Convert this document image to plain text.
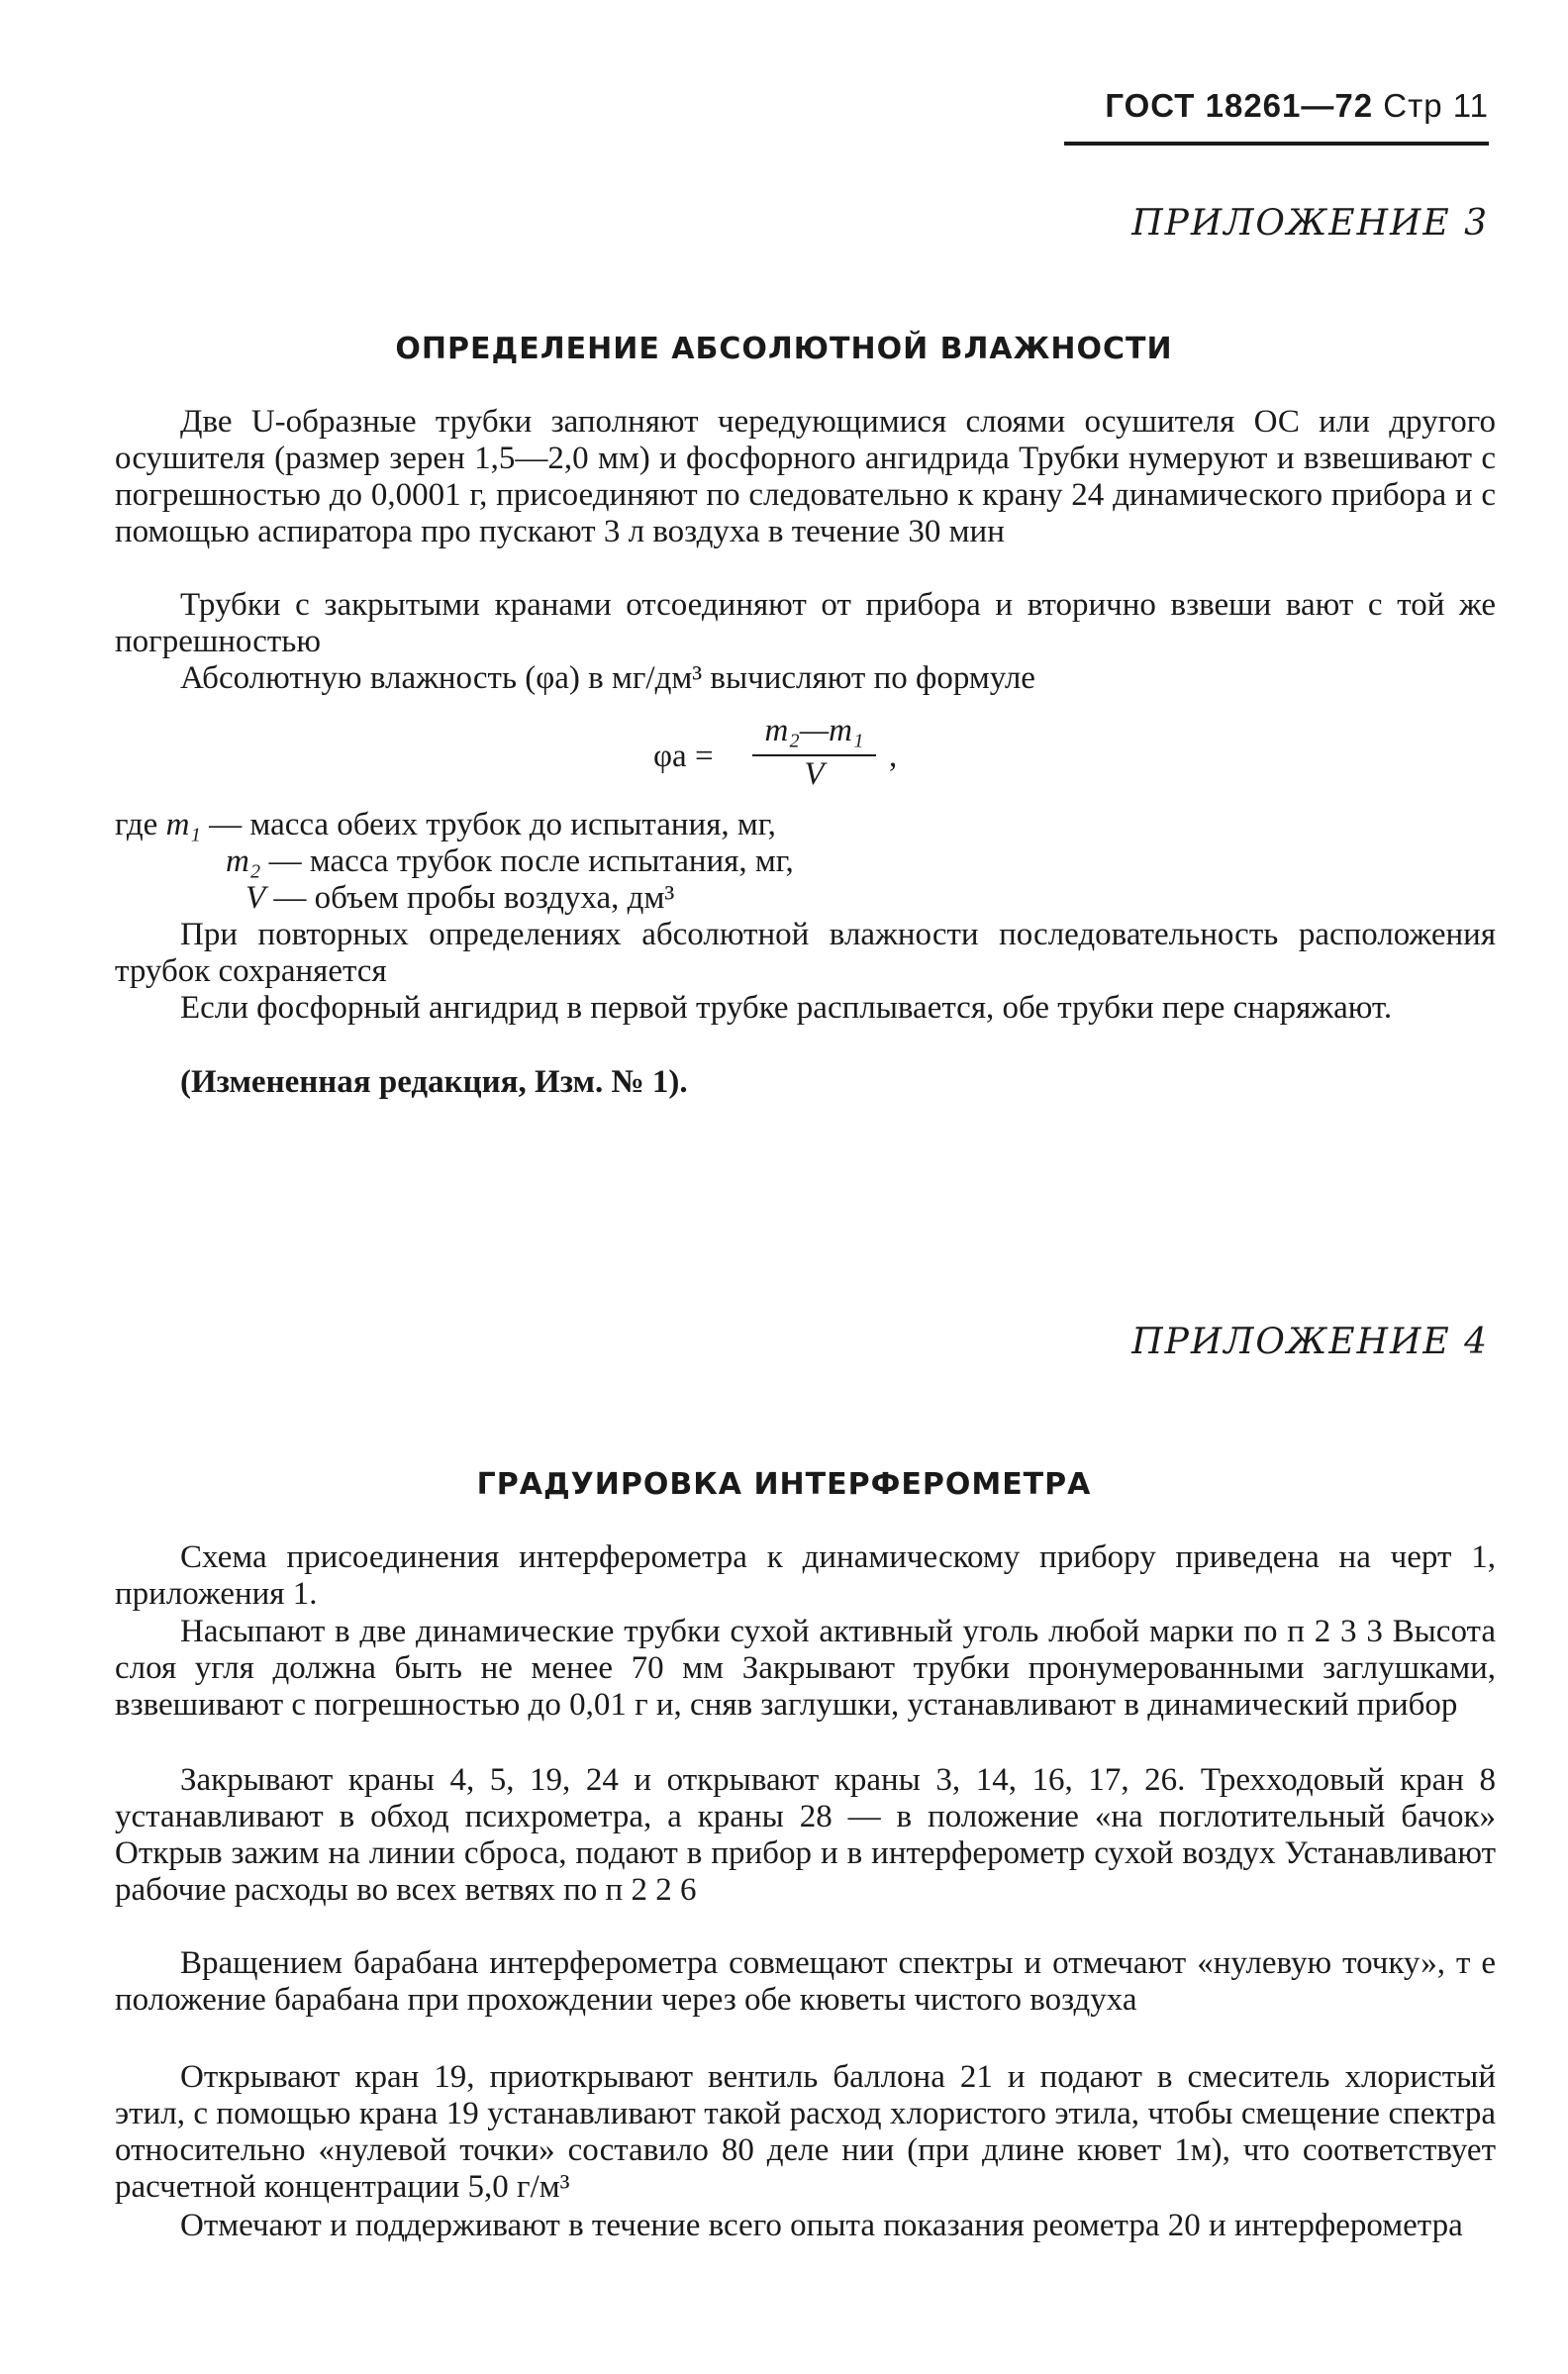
ГОСТ 18261—72 Стр 11
ПРИЛОЖЕНИЕ 3
ОПРЕДЕЛЕНИЕ АБСОЛЮТНОЙ ВЛАЖНОСТИ

Две U-образные трубки заполняют чередующимися слоями осушителя ОС или другого осушителя (размер зерен 1,5—2,0 мм) и фосфорного ангидрида Трубки нумеруют и взвешивают с погрешностью до 0,0001 г, присоединяют по следовательно к крану 24 динамического прибора и с помощью аспиратора про пускают 3 л воздуха в течение 30 мин

Трубки с закрытыми кранами отсоединяют от прибора и вторично взвеши вают с той же погрешностью

Абсолютную влажность (φa) в мг/дм³ вычисляют по формуле

φa =
m₂—m₁
V	,
где m₁ — масса обеих трубок до испытания, мг,
m₂ — масса трубок после испытания, мг,
V — объем пробы воздуха, дм³

При повторных определениях абсолютной влажности последовательность расположения трубок сохраняется

Если фосфорный ангидрид в первой трубке расплывается, обе трубки пере снаряжают.

(Измененная редакция, Изм. № 1).

ПРИЛОЖЕНИЕ 4
ГРАДУИРОВКА ИНТЕРФЕРОМЕТРА

Схема присоединения интерферометра к динамическому прибору приведена на черт 1, приложения 1.

Насыпают в две динамические трубки сухой активный уголь любой марки по п 2 3 3 Высота слоя угля должна быть не менее 70 мм Закрывают трубки пронумерованными заглушками, взвешивают с погрешностью до 0,01 г и, сняв заглушки, устанавливают в динамический прибор

Закрывают краны 4, 5, 19, 24 и открывают краны 3, 14, 16, 17, 26. Трехходовый кран 8 устанавливают в обход психрометра, а краны 28 — в положение «на поглотительный бачок» Открыв зажим на линии сброса, подают в прибор и в интерферометр сухой воздух Устанавливают рабочие расходы во всех ветвях по п 2 2 6

Вращением барабана интерферометра совмещают спектры и отмечают «нулевую точку», т е положение барабана при прохождении через обе кюветы чистого воздуха

Открывают кран 19, приоткрывают вентиль баллона 21 и подают в смеситель хлористый этил, с помощью крана 19 устанавливают такой расход хлористого этила, чтобы смещение спектра относительно «нулевой точки» составило 80 деле нии (при длине кювет 1м), что соответствует расчетной концентрации 5,0 г/м³

Отмечают и поддерживают в течение всего опыта показания реометра 20 и интерферометра
